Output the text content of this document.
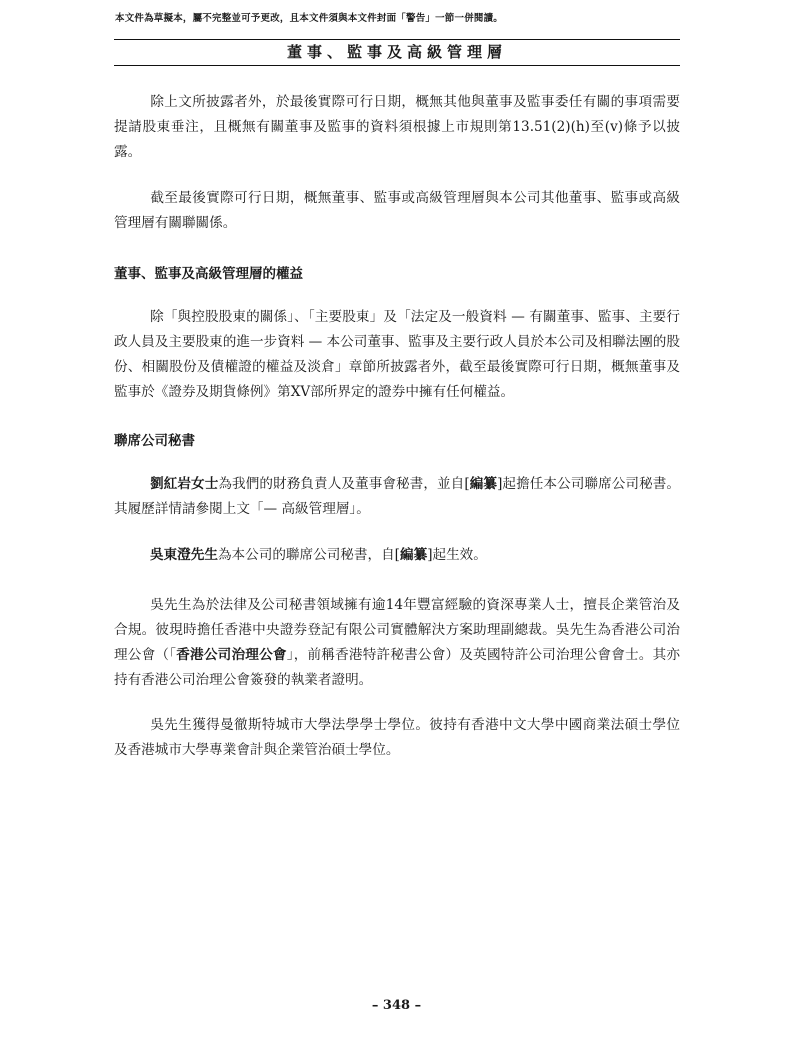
本文件為草擬本，屬不完整並可予更改，且本文件須與本文件封面「警告」一節一併閱讀。
董事、監事及高級管理層

除上文所披露者外，於最後實際可行日期，概無其他與董事及監事委任有關的事項需要提請股東垂注，且概無有關董事及監事的資料須根據上市規則第13.51(2)(h)至(v)條予以披露。

截至最後實際可行日期，概無董事、監事或高級管理層與本公司其他董事、監事或高級管理層有關聯關係。

董事、監事及高級管理層的權益

除「與控股股東的關係」、「主要股東」及「法定及一般資料 — 有關董事、監事、主要行政人員及主要股東的進一步資料 — 本公司董事、監事及主要行政人員於本公司及相聯法團的股份、相關股份及債權證的權益及淡倉」章節所披露者外，截至最後實際可行日期，概無董事及監事於《證券及期貨條例》第XV部所界定的證券中擁有任何權益。

聯席公司秘書

劉紅岩女士為我們的財務負責人及董事會秘書，並自[編纂]起擔任本公司聯席公司秘書。其履歷詳情請參閱上文「— 高級管理層」。

吳東澄先生為本公司的聯席公司秘書，自[編纂]起生效。

吳先生為於法律及公司秘書領域擁有逾14年豐富經驗的資深專業人士，擅長企業管治及合規。彼現時擔任香港中央證券登記有限公司實體解決方案助理副總裁。吳先生為香港公司治理公會（「香港公司治理公會」，前稱香港特許秘書公會）及英國特許公司治理公會會士。其亦持有香港公司治理公會簽發的執業者證明。

吳先生獲得曼徹斯特城市大學法學學士學位。彼持有香港中文大學中國商業法碩士學位及香港城市大學專業會計與企業管治碩士學位。

– 348 –
